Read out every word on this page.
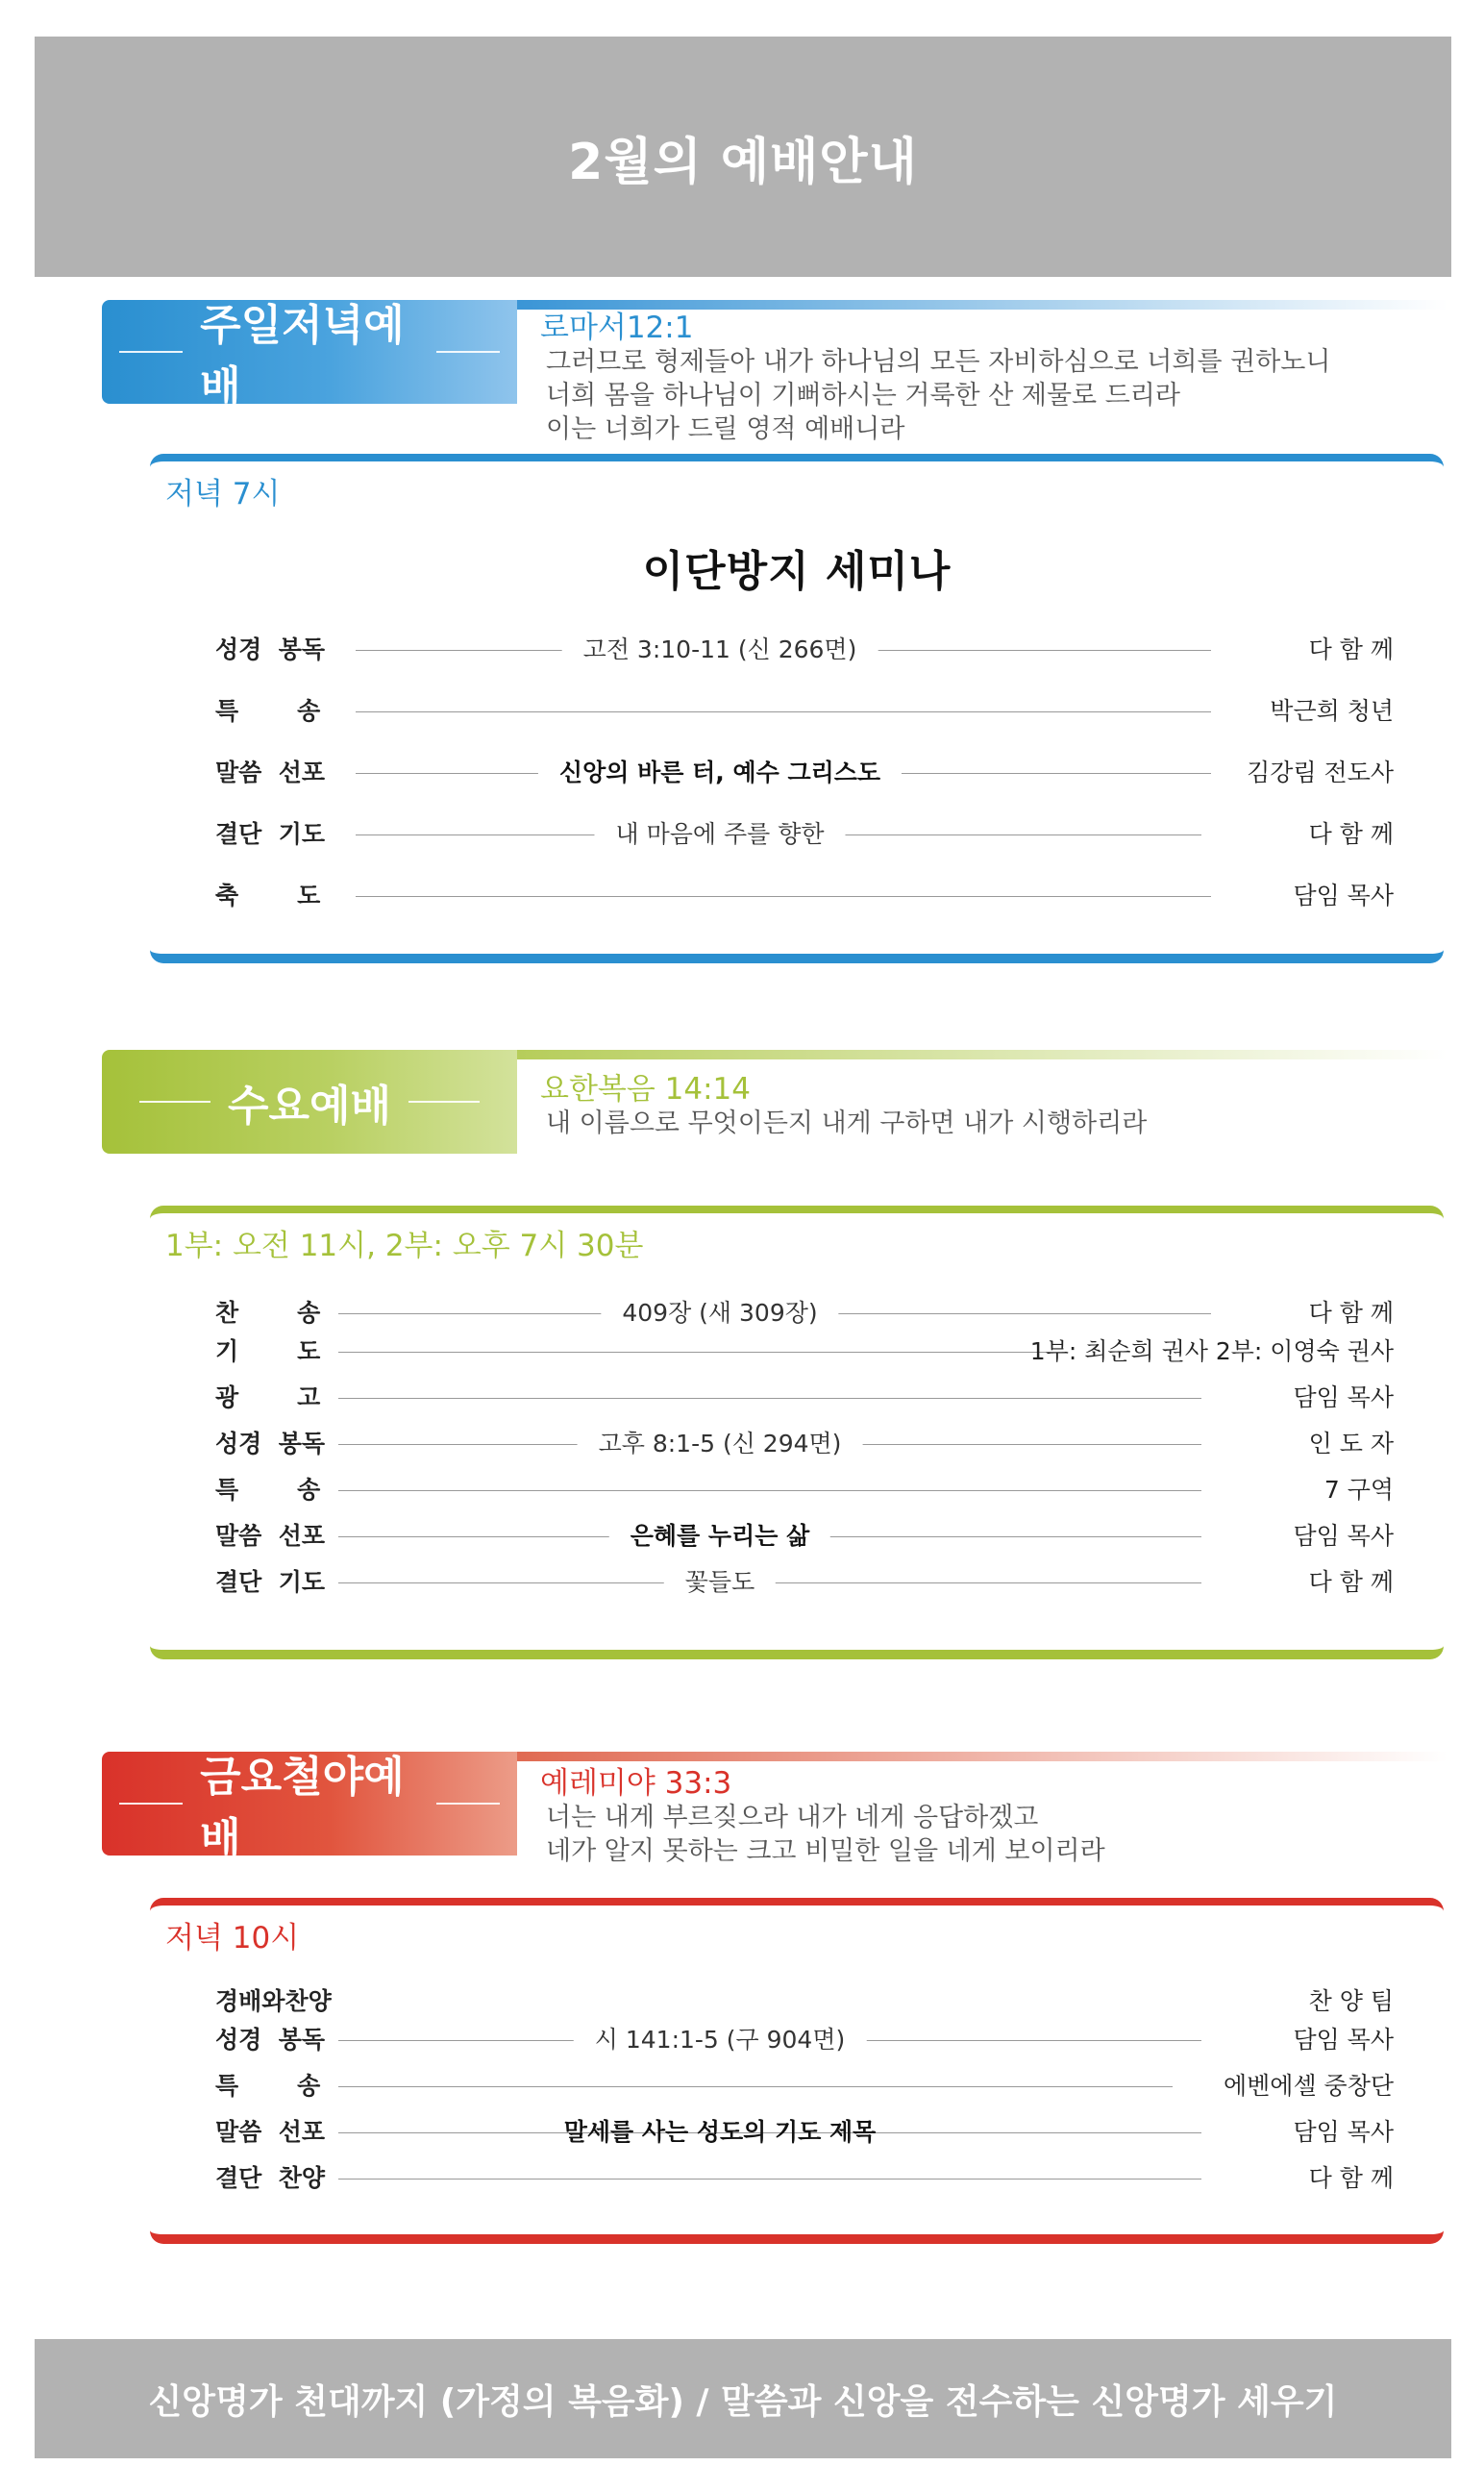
2월의 예배안내
주일저녁예배
로마서12:1
그러므로 형제들아 내가 하나님의 모든 자비하심으로 너희를 권하노니
너희 몸을 하나님이 기뻐하시는 거룩한 산 제물로 드리라
이는 너희가 드릴 영적 예배니라
저녁 7시
이단방지 세미나
성경  봉독	고전 3:10-11 (신 266면)	다 함 께
특       송	박근희 청년
말씀  선포	신앙의 바른 터, 예수 그리스도	김강림 전도사
결단  기도	내 마음에 주를 향한	다 함 께
축       도	담임 목사
수요예배	요한복음 14:14
내 이름으로 무엇이든지 내게 구하면 내가 시행하리라
1부: 오전 11시, 2부: 오후 7시 30분
찬       송	409장 (새 309장)	다 함 께
기       도	1부: 최순희 권사 2부: 이영숙 권사
광       고	담임 목사
성경  봉독	고후 8:1-5 (신 294면)	인 도 자
특       송	7 구역
말씀  선포	은혜를 누리는 삶	담임 목사
결단  기도	꽃들도	다 함 께
금요철야예배
예레미야 33:3
너는 내게 부르짖으라 내가 네게 응답하겠고
네가 알지 못하는 크고 비밀한 일을 네게 보이리라
저녁 10시
경배와찬양	찬 양 팀
성경  봉독	시 141:1-5 (구 904면)	담임 목사
특       송	에벤에셀 중창단
말씀  선포	말세를 사는 성도의 기도 제목	담임 목사
결단  찬양	다 함 께
신앙명가 천대까지 (가정의 복음화) / 말씀과 신앙을 전수하는 신앙명가 세우기
